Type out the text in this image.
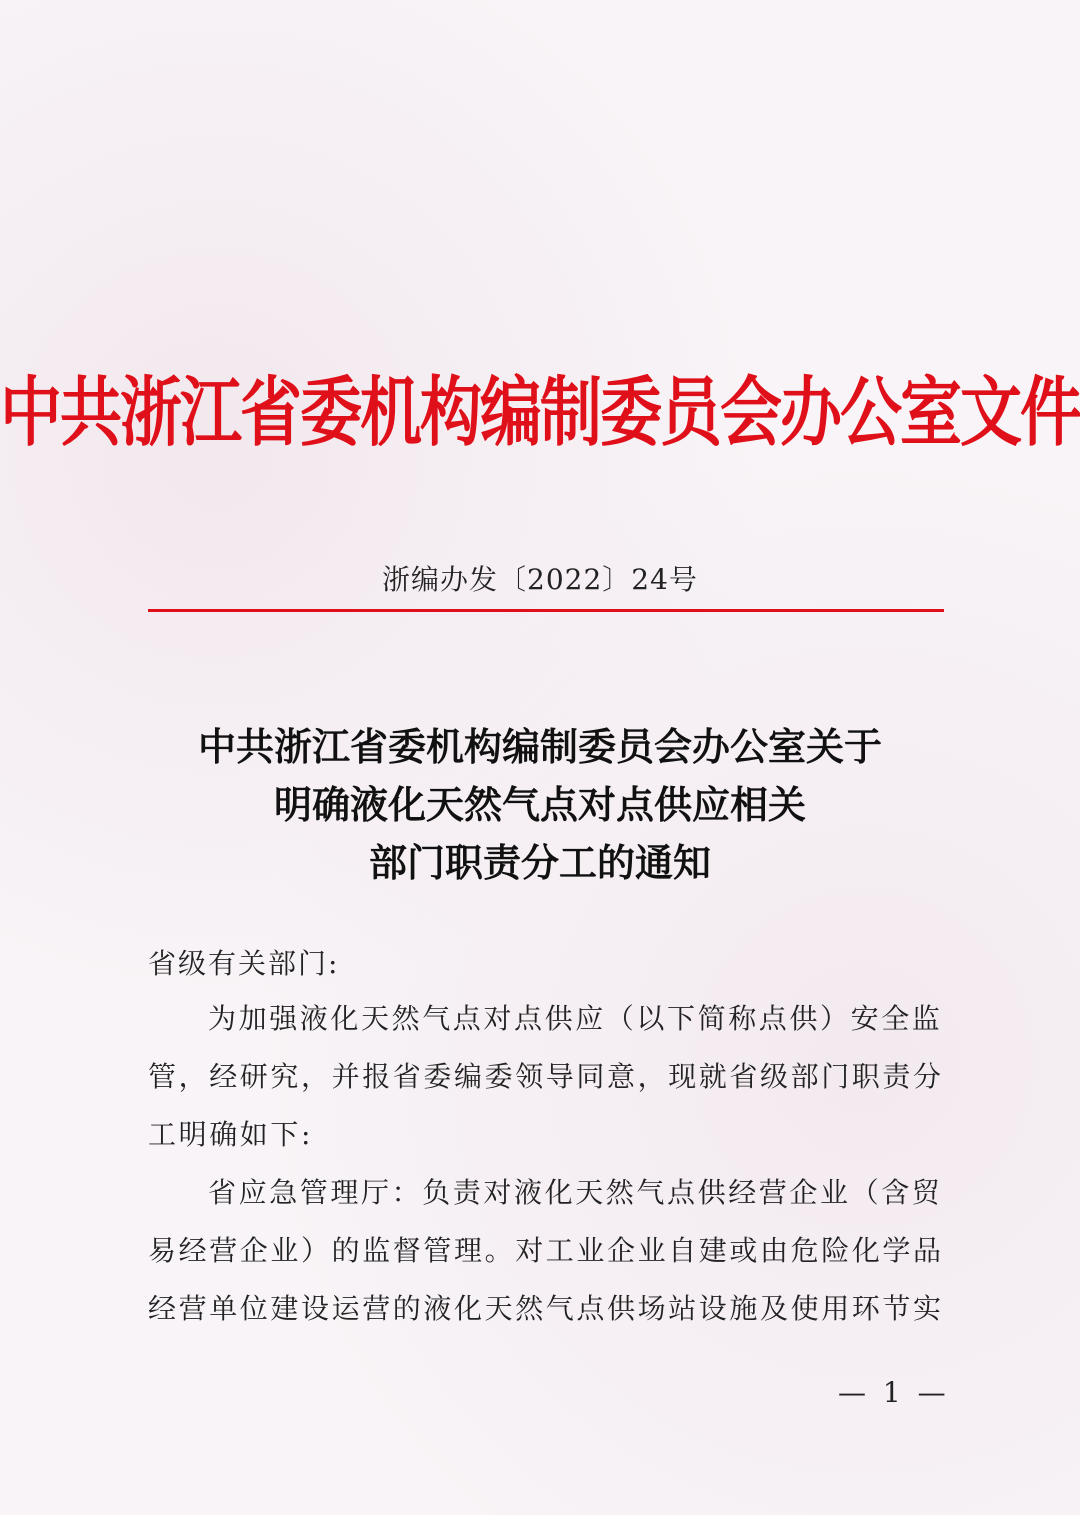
中共浙江省委机构编制委员会办公室文件
浙编办发〔2022〕24号
中共浙江省委机构编制委员会办公室关于
明确液化天然气点对点供应相关
部门职责分工的通知
省级有关部门:
为加强液化天然气点对点供应（以下简称点供）安全监
管，经研究，并报省委编委领导同意，现就省级部门职责分
工明确如下:
省应急管理厅：负责对液化天然气点供经营企业（含贸
易经营企业）的监督管理。对工业企业自建或由危险化学品
经营单位建设运营的液化天然气点供场站设施及使用环节实
— 1 —
